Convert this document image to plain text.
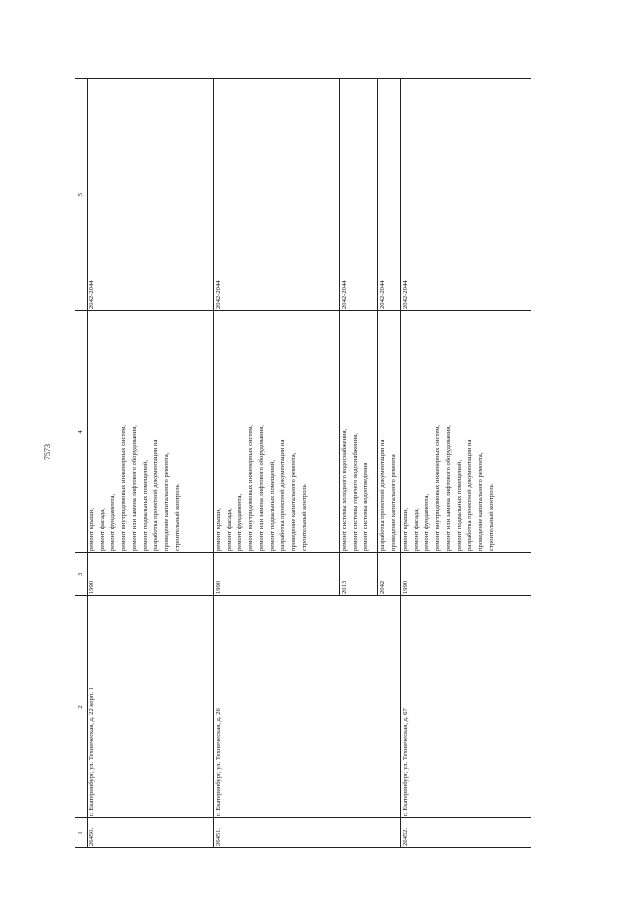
7573
1
2
3
4
5
26450.
г. Екатеринбург, ул. Техническая, д. 22 корп. 1
1990
ремонт крыши, ремонт фасада, ремонт фундамента, ремонт внутридомовых инженерных систем, ремонт или замена лифтового оборудования, ремонт подвальных помещений, разработка проектной документации на проведение капитального ремонта, строительный контроль
2042-2044
26451.
г. Екатеринбург, ул. Техническая, д. 26
1990
ремонт крыши, ремонт фасада, ремонт фундамента, ремонт внутридомовых инженерных систем, ремонт или замена лифтового оборудования, ремонт подвальных помещений, разработка проектной документации на проведение капитального ремонта, строительный контроль
2042-2044
2013
ремонт системы холодного водоснабжения, ремонт системы горячего водоснабжения, ремонт системы водоотведения
2042-2044
2042
разработка проектной документации на проведение капитального ремонта
2042-2044
26452.
г. Екатеринбург, ул. Техническая, д. 67
1990
ремонт крыши, ремонт фасада, ремонт фундамента, ремонт внутридомовых инженерных систем, ремонт или замена лифтового оборудования, ремонт подвальных помещений, разработка проектной документации на проведение капитального ремонта, строительный контроль
2042-2044
